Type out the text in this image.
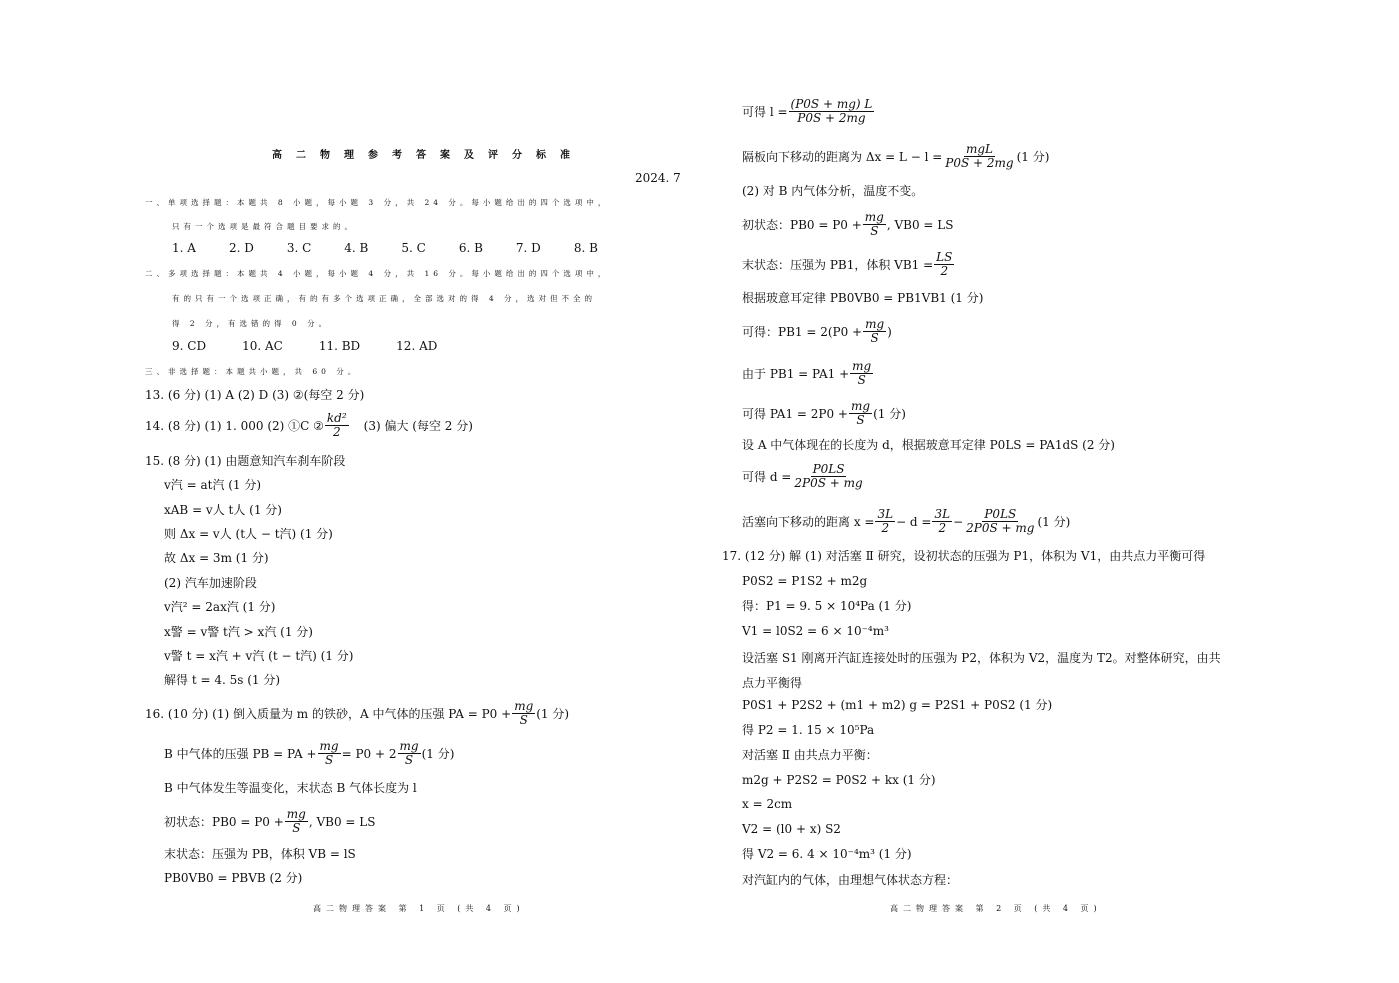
高二物理参考答案及评分标准
2024. 7
一、单项选择题：本题共 8 小题，每小题 3 分，共 24 分。每小题给出的四个选项中，
只有一个选项是最符合题目要求的。
1. A	2. D	3. C	4. B	5. C	6. B	7. D	8. B
二、多项选择题：本题共 4 小题，每小题 4 分，共 16 分。每小题给出的四个选项中，
有的只有一个选项正确，有的有多个选项正确，全部选对的得 4 分，选对但不全的
得 2 分，有选错的得 0 分。
9. CD	10. AC	11. BD	12. AD
三、非选择题：本题共小题，共 60 分。
13. (6 分) (1) A (2) D (3) ②(每空 2 分)
14. (8 分) (1) 1. 000 (2) ①C ② $\frac{\text{kd²}}{2} (3)$ 偏大 (每空 2 分)
15. (8 分) (1) 由题意知汽车刹车阶段
v汽 = at汽 (1 分)
xAB = v人 t人 (1 分)
则 Δx = v人 (t人 − t汽) (1 分)
故 Δx = 3m (1 分)
(2) 汽车加速阶段
v汽² = 2ax汽 (1 分)
x警 = v警 t汽 > x汽 (1 分)
v警 t = x汽 + v汽 (t − t汽) (1 分)
解得 t = 4. 5s (1 分)
16. (10 分) (1) 倒入质量为 m 的铁砂，A 中气体的压强 PA = $P0 + \frac{mg}{S} (1$ 分)
B 中气体的压强 PB = PA + $\frac{mg}{S} = P0 + 2 \frac{mg}{S} (1$ 分)
B 中气体发生等温变化，末状态 B 气体长度为 l
初状态：$PB0 = P0 + \frac{mg}{S}$ , VB0 = LS
末状态：压强为 PB，体积 VB = lS
PB0VB0 = PBVB (2 分)
高二物理答案 第 1 页 (共 4 页)
可得 $l = \frac{(P0S + mg) L}{P0S + 2mg}$
隔板向下移动的距离为 $\Delta x = L - l = \frac{\text{mgL}}{P0S + 2mg} (1$ 分)
(2) 对 B 内气体分析，温度不变。
初状态：$PB0 = P0 + \frac{mg}{S}$ , VB0 = LS
末状态：压强为 PB1，体积 $VB1 = \frac{LS}{2}$
根据玻意耳定律 PB0VB0 = PB1VB1 (1 分)
可得：$PB1 = 2(P0 + \frac{mg}{S}$ )
由于 $PB1 = PA1 + \frac{mg}{S}$
可得 $PA1 = 2P0 + \frac{mg}{S} (1$ 分)
设 A 中气体现在的长度为 d，根据玻意耳定律 P0LS = PA1dS (2 分)
可得 $d = \frac{P0LS}{2P0S + mg}$
活塞向下移动的距离 $x = \frac{3L}{2} - d = \frac{3L}{2} - \frac{P0LS}{2P0S + mg} (1$ 分)
17. (12 分) 解 (1) 对活塞 Ⅱ 研究，设初状态的压强为 P1，体积为 V1，由共点力平衡可得
P0S2 = P1S2 + m2g
得：P1 = 9. 5 × 10⁴Pa (1 分)
V1 = l0S2 = 6 × 10⁻⁴m³
设活塞 S1 刚离开汽缸连接处时的压强为 P2，体积为 V2，温度为 T2。对整体研究，由共
点力平衡得
P0S1 + P2S2 + (m1 + m2) g = P2S1 + P0S2 (1 分)
得 P2 = 1. 15 × 10⁵Pa
对活塞 Ⅱ 由共点力平衡：
m2g + P2S2 = P0S2 + kx (1 分)
x = 2cm
V2 = (l0 + x) S2
得 V2 = 6. 4 × 10⁻⁴m³ (1 分)
对汽缸内的气体，由理想气体状态方程：
高二物理答案 第 2 页 (共 4 页)
